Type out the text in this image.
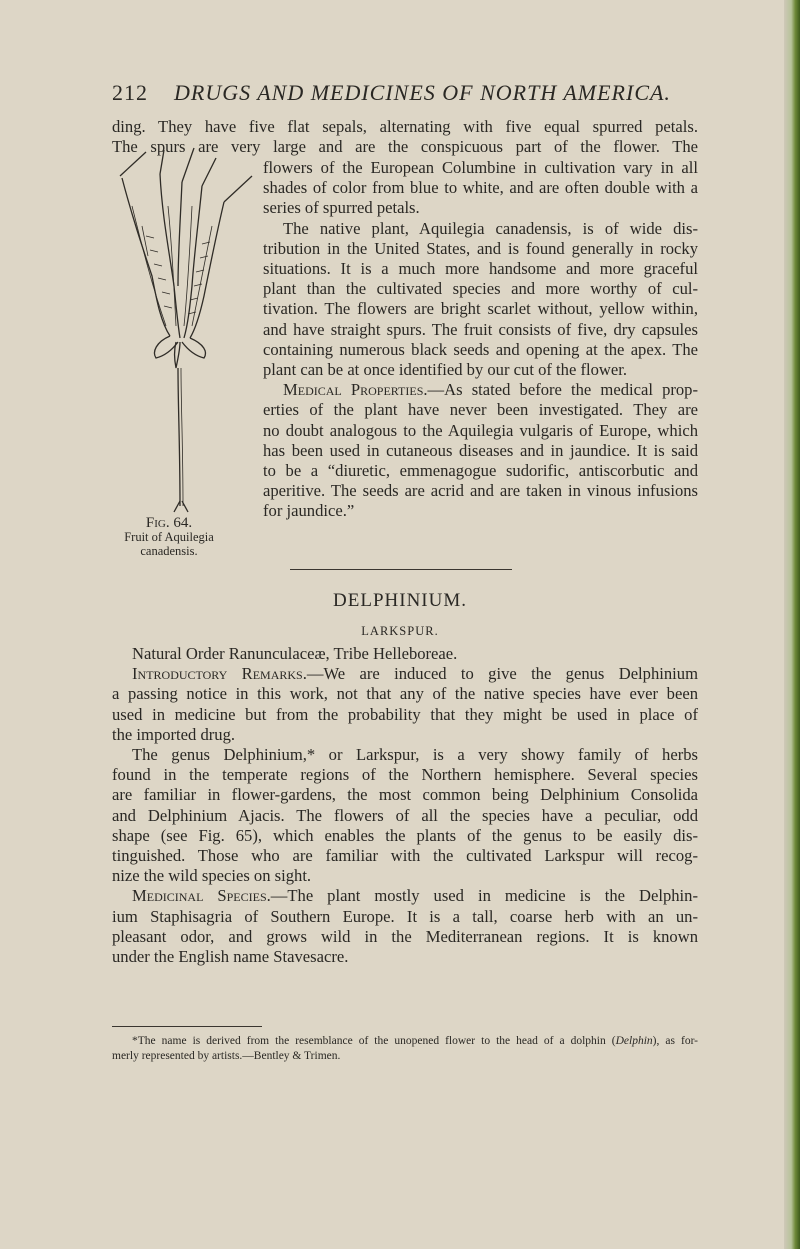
212 DRUGS AND MEDICINES OF NORTH AMERICA.
ding. They have five flat sepals, alternating with five equal spurred petals.
The spurs are very large and are the conspicuous part of the flower. The
flowers of the European Columbine in cultivation vary in all
shades of color from blue to white, and are often double with a
series of spurred petals.
The native plant, Aquilegia canadensis, is of wide dis-
tribution in the United States, and is found generally in rocky
situations. It is a much more handsome and more graceful
plant than the cultivated species and more worthy of cul-
tivation. The flowers are bright scarlet without, yellow within,
and have straight spurs. The fruit consists of five, dry capsules
containing numerous black seeds and opening at the apex. The
plant can be at once identified by our cut of the flower.
Medical Properties.—As stated before the medical prop-
erties of the plant have never been investigated. They are
no doubt analogous to the Aquilegia vulgaris of Europe, which
has been used in cutaneous diseases and in jaundice. It is said
to be a “diuretic, emmenagogue sudorific, antiscorbutic and
aperitive. The seeds are acrid and are taken in vinous infusions
for jaundice.”
Fig. 64.
Fruit of Aquilegia
canadensis.
DELPHINIUM.
LARKSPUR.
Natural Order Ranunculaceæ, Tribe Helleboreae.
Introductory Remarks.—We are induced to give the genus Delphinium
a passing notice in this work, not that any of the native species have ever been
used in medicine but from the probability that they might be used in place of
the imported drug.
The genus Delphinium,* or Larkspur, is a very showy family of herbs
found in the temperate regions of the Northern hemisphere. Several species
are familiar in flower-gardens, the most common being Delphinium Consolida
and Delphinium Ajacis. The flowers of all the species have a peculiar, odd
shape (see Fig. 65), which enables the plants of the genus to be easily dis-
tinguished. Those who are familiar with the cultivated Larkspur will recog-
nize the wild species on sight.
Medicinal Species.—The plant mostly used in medicine is the Delphin-
ium Staphisagria of Southern Europe. It is a tall, coarse herb with an un-
pleasant odor, and grows wild in the Mediterranean regions. It is known
under the English name Stavesacre.
*The name is derived from the resemblance of the unopened flower to the head of a dolphin (Delphin), as for-
merly represented by artists.—Bentley & Trimen.
